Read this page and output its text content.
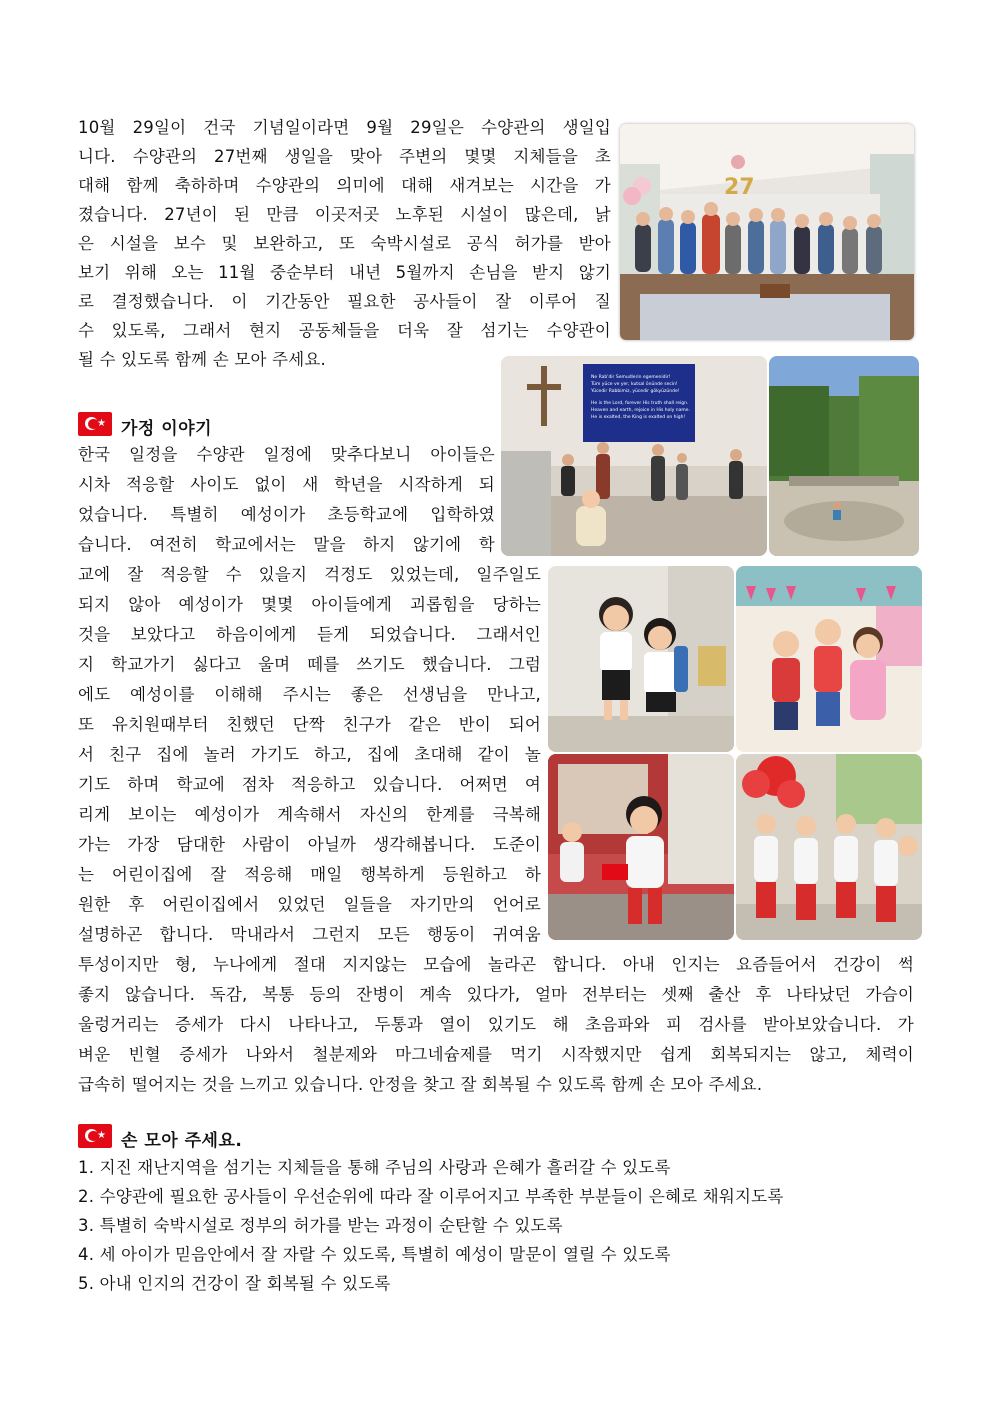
10월 29일이 건국 기념일이라면 9월 29일은 수양관의 생일입
니다. 수양관의 27번째 생일을 맞아 주변의 몇몇 지체들을 초
대해 함께 축하하며 수양관의 의미에 대해 새겨보는 시간을 가
졌습니다. 27년이 된 만큼 이곳저곳 노후된 시설이 많은데, 낡
은 시설을 보수 및 보완하고, 또 숙박시설로 공식 허가를 받아
보기 위해 오는 11월 중순부터 내년 5월까지 손님을 받지 않기
로 결정했습니다. 이 기간동안 필요한 공사들이 잘 이루어 질
수 있도록, 그래서 현지 공동체들을 더욱 잘 섬기는 수양관이
될 수 있도록 함께 손 모아 주세요.
27
Ne Rab'dir Semudlerin egemenidir!
Tüm yüce ve yer, kutsal önünde secin!
Yücedir Rabbimiz, yücedir gökyüzünde!
He is the Lord, forever His truth shall reign.
Heaven and earth, rejoice in His holy name.
He is exalted, the King is exalted on high!
★ 가정 이야기
한국 일정을 수양관 일정에 맞추다보니 아이들은
시차 적응할 사이도 없이 새 학년을 시작하게 되
었습니다. 특별히 예성이가 초등학교에 입학하였
습니다. 여전히 학교에서는 말을 하지 않기에 학
교에 잘 적응할 수 있을지 걱정도 있었는데, 일주일도
되지 않아 예성이가 몇몇 아이들에게 괴롭힘을 당하는
것을 보았다고 하음이에게 듣게 되었습니다. 그래서인
지 학교가기 싫다고 울며 떼를 쓰기도 했습니다. 그럼
에도 예성이를 이해해 주시는 좋은 선생님을 만나고,
또 유치원때부터 친했던 단짝 친구가 같은 반이 되어
서 친구 집에 놀러 가기도 하고, 집에 초대해 같이 놀
기도 하며 학교에 점차 적응하고 있습니다. 어쩌면 여
리게 보이는 예성이가 계속해서 자신의 한계를 극복해
가는 가장 담대한 사람이 아닐까 생각해봅니다. 도준이
는 어린이집에 잘 적응해 매일 행복하게 등원하고 하
원한 후 어린이집에서 있었던 일들을 자기만의 언어로
설명하곤 합니다. 막내라서 그런지 모든 행동이 귀여움
투성이지만 형, 누나에게 절대 지지않는 모습에 놀라곤 합니다. 아내 인지는 요즘들어서 건강이 썩
좋지 않습니다. 독감, 복통 등의 잔병이 계속 있다가, 얼마 전부터는 셋째 출산 후 나타났던 가슴이
울렁거리는 증세가 다시 나타나고, 두통과 열이 있기도 해 초음파와 피 검사를 받아보았습니다. 가
벼운 빈혈 증세가 나와서 철분제와 마그네슘제를 먹기 시작했지만 쉽게 회복되지는 않고, 체력이
급속히 떨어지는 것을 느끼고 있습니다. 안정을 찾고 잘 회복될 수 있도록 함께 손 모아 주세요.
★ 손 모아 주세요.
1. 지진 재난지역을 섬기는 지체들을 통해 주님의 사랑과 은혜가 흘러갈 수 있도록
2. 수양관에 필요한 공사들이 우선순위에 따라 잘 이루어지고 부족한 부분들이 은혜로 채워지도록
3. 특별히 숙박시설로 정부의 허가를 받는 과정이 순탄할 수 있도록
4. 세 아이가 믿음안에서 잘 자랄 수 있도록, 특별히 예성이 말문이 열릴 수 있도록
5. 아내 인지의 건강이 잘 회복될 수 있도록
